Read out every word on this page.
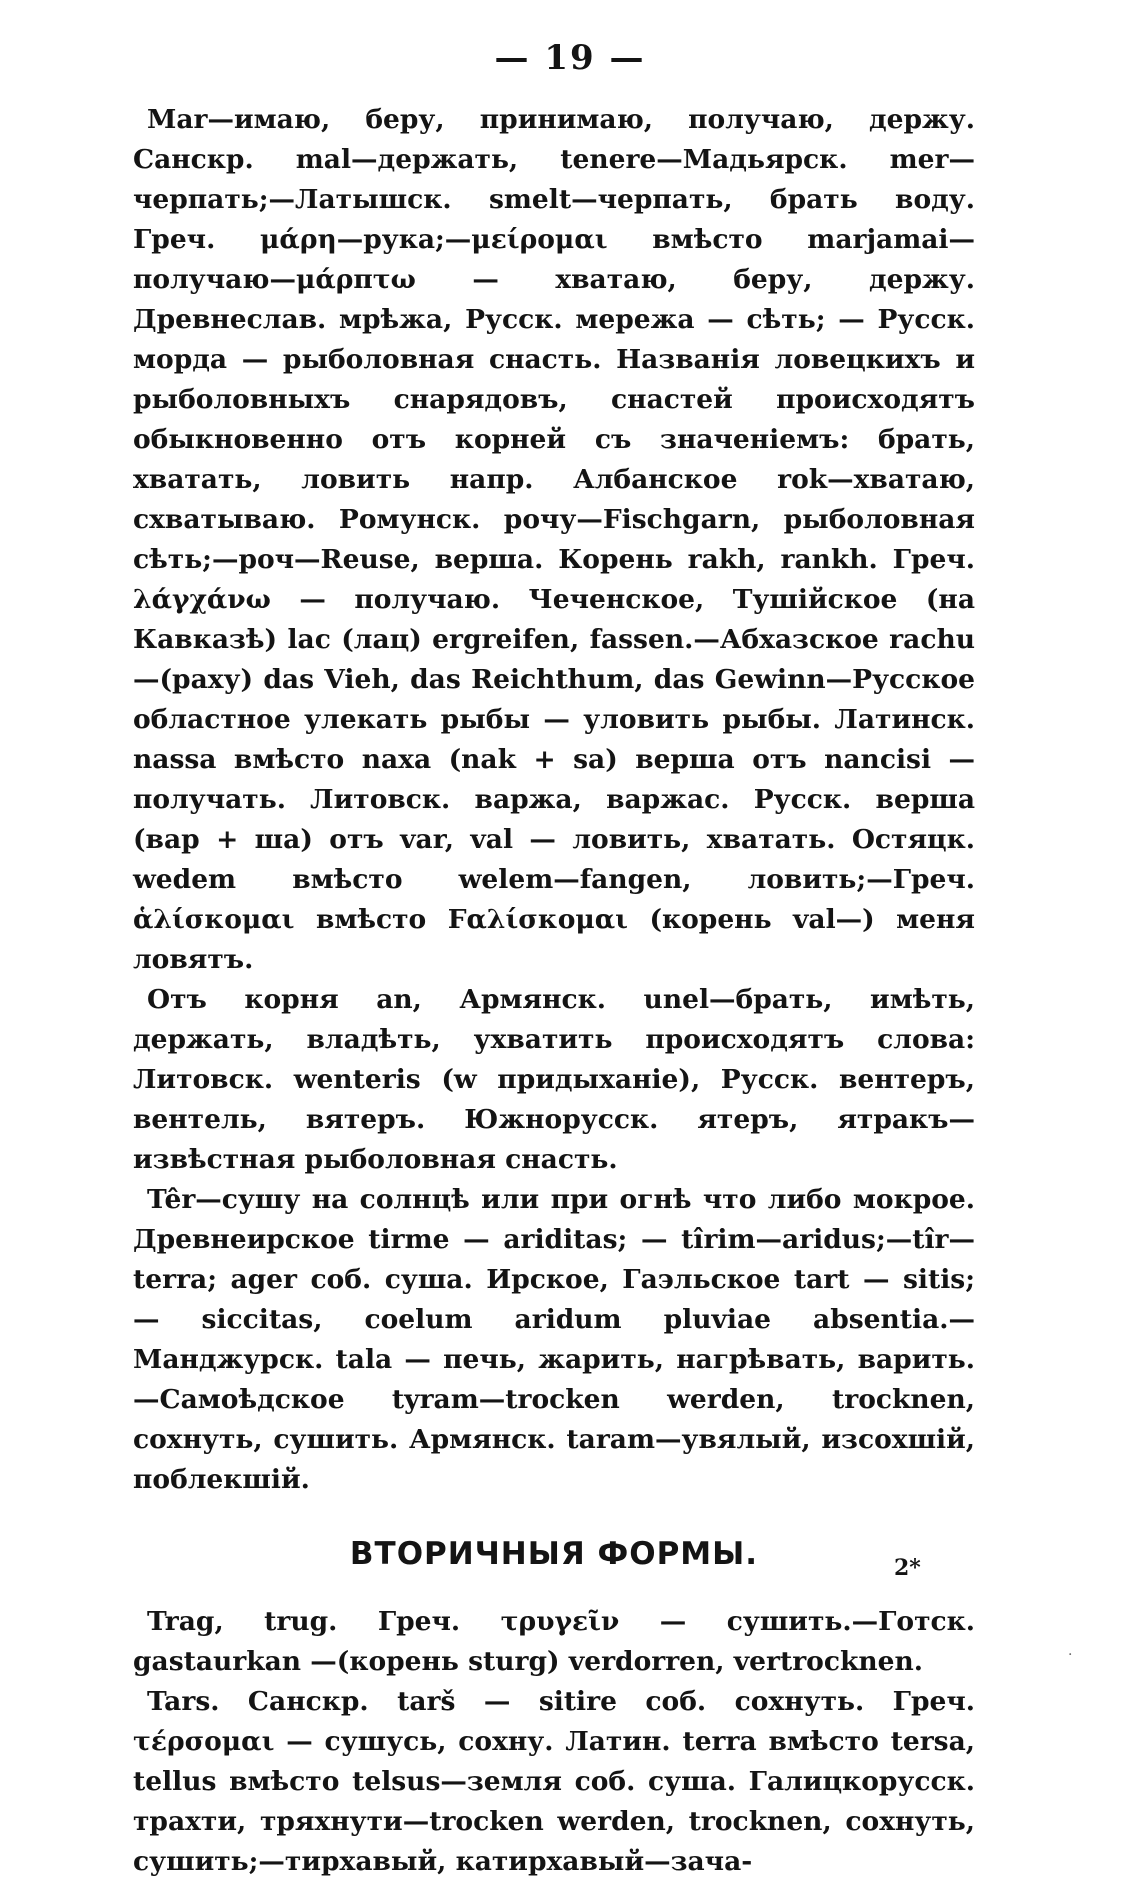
— 19 —

Mar—имаю, беру, принимаю, получаю, держу. Санскр. mal—держать, tenere—Мадьярск. mer—черпать;—Латышск. smelt—черпать, брать воду. Греч. μάρη—рука;—μείρομαι вмѣсто marjamai—получаю—μάρπτω — хватаю, беру, держу. Древнеслав. мрѣжа, Русск. мережа — сѣть; — Русск. морда — рыболовная снасть. Названія ловецкихъ и рыболовныхъ снарядовъ, снастей происходятъ обыкновенно отъ корней съ значеніемъ: брать, хватать, ловить напр. Албанское rok—хватаю, схватываю. Ромунск. рочу—Fischgarn, рыболовная сѣть;—роч—Reuse, верша. Корень rakh, rankh. Греч. λάγχάνω — получаю. Чеченское, Тушійское (на Кавказѣ) lac (лац) ergreifen, fassen.—Абхазское rachu—(раху) das Vieh, das Reichthum, das Gewinn—Русское областное улекать рыбы — уловить рыбы. Латинск. nassa вмѣсто naxa (nak + sa) верша отъ nancisi — получать. Литовск. варжа, варжас. Русск. верша (вар + ша) отъ var, val — ловить, хватать. Остяцк. wedem вмѣсто welem—fangen, ловить;—Греч. ἁλίσκομαι вмѣсто Ϝαλίσκομαι (корень val—) меня ловятъ.

Отъ корня an, Армянск. unel—брать, имѣть, держать, владѣть, ухватить происходятъ слова: Литовск. wenteris (w придыханіе), Русск. вентеръ, вентель, вятеръ. Южнорусск. ятеръ, ятракъ—извѣстная рыболовная снасть.

Têr—сушу на солнцѣ или при огнѣ что либо мокрое. Древнеирское tirme — ariditas; — tîrim—aridus;—tîr—terra; ager соб. суша. Ирское, Гаэльское tart — sitis; — siccitas, coelum aridum pluviae absentia.—Манджурск. tala — печь, жарить, нагрѣвать, варить.—Самоѣдское tyram—trocken werden, trocknen, сохнуть, сушить. Армянск. taram—увялый, изсохшій, поблекшій.

ВТОРИЧНЫЯ ФОРМЫ.

Trag, trug. Греч. τρυγεῖν — сушить.—Готск. gastaurkan —(корень sturg) verdorren, vertrocknen.

Tars. Санскр. tarš — sitire соб. сохнуть. Греч. τέρσομαι — сушусь, сохну. Латин. terra вмѣсто tersa, tellus вмѣсто telsus—земля соб. суша. Галицкорусск. трахти, тряхнути—trocken werden, trocknen, сохнуть, сушить;—тирхавый, катирхавый—зача-

2*
·
